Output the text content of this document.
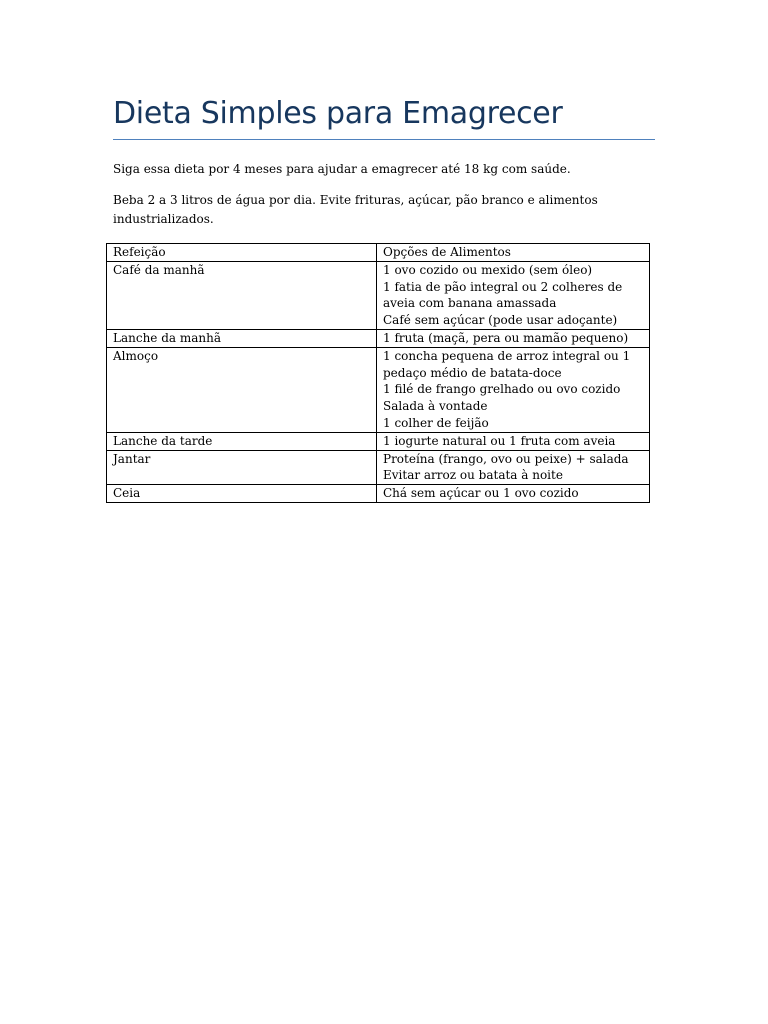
Dieta Simples para Emagrecer
Siga essa dieta por 4 meses para ajudar a emagrecer até 18 kg com saúde.
Beba 2 a 3 litros de água por dia. Evite frituras, açúcar, pão branco e alimentos industrializados.
Refeição	Opções de Alimentos
Café da manhã	1 ovo cozido ou mexido (sem óleo)
1 fatia de pão integral ou 2 colheres de aveia com banana amassada
Café sem açúcar (pode usar adoçante)

Lanche da manhã	1 fruta (maçã, pera ou mamão pequeno)

Almoço	1 concha pequena de arroz integral ou 1 pedaço médio de batata-doce
1 filé de frango grelhado ou ovo cozido
Salada à vontade
1 colher de feijão

Lanche da tarde	1 iogurte natural ou 1 fruta com aveia

Jantar	Proteína (frango, ovo ou peixe) + salada
Evitar arroz ou batata à noite

Ceia	Chá sem açúcar ou 1 ovo cozido
